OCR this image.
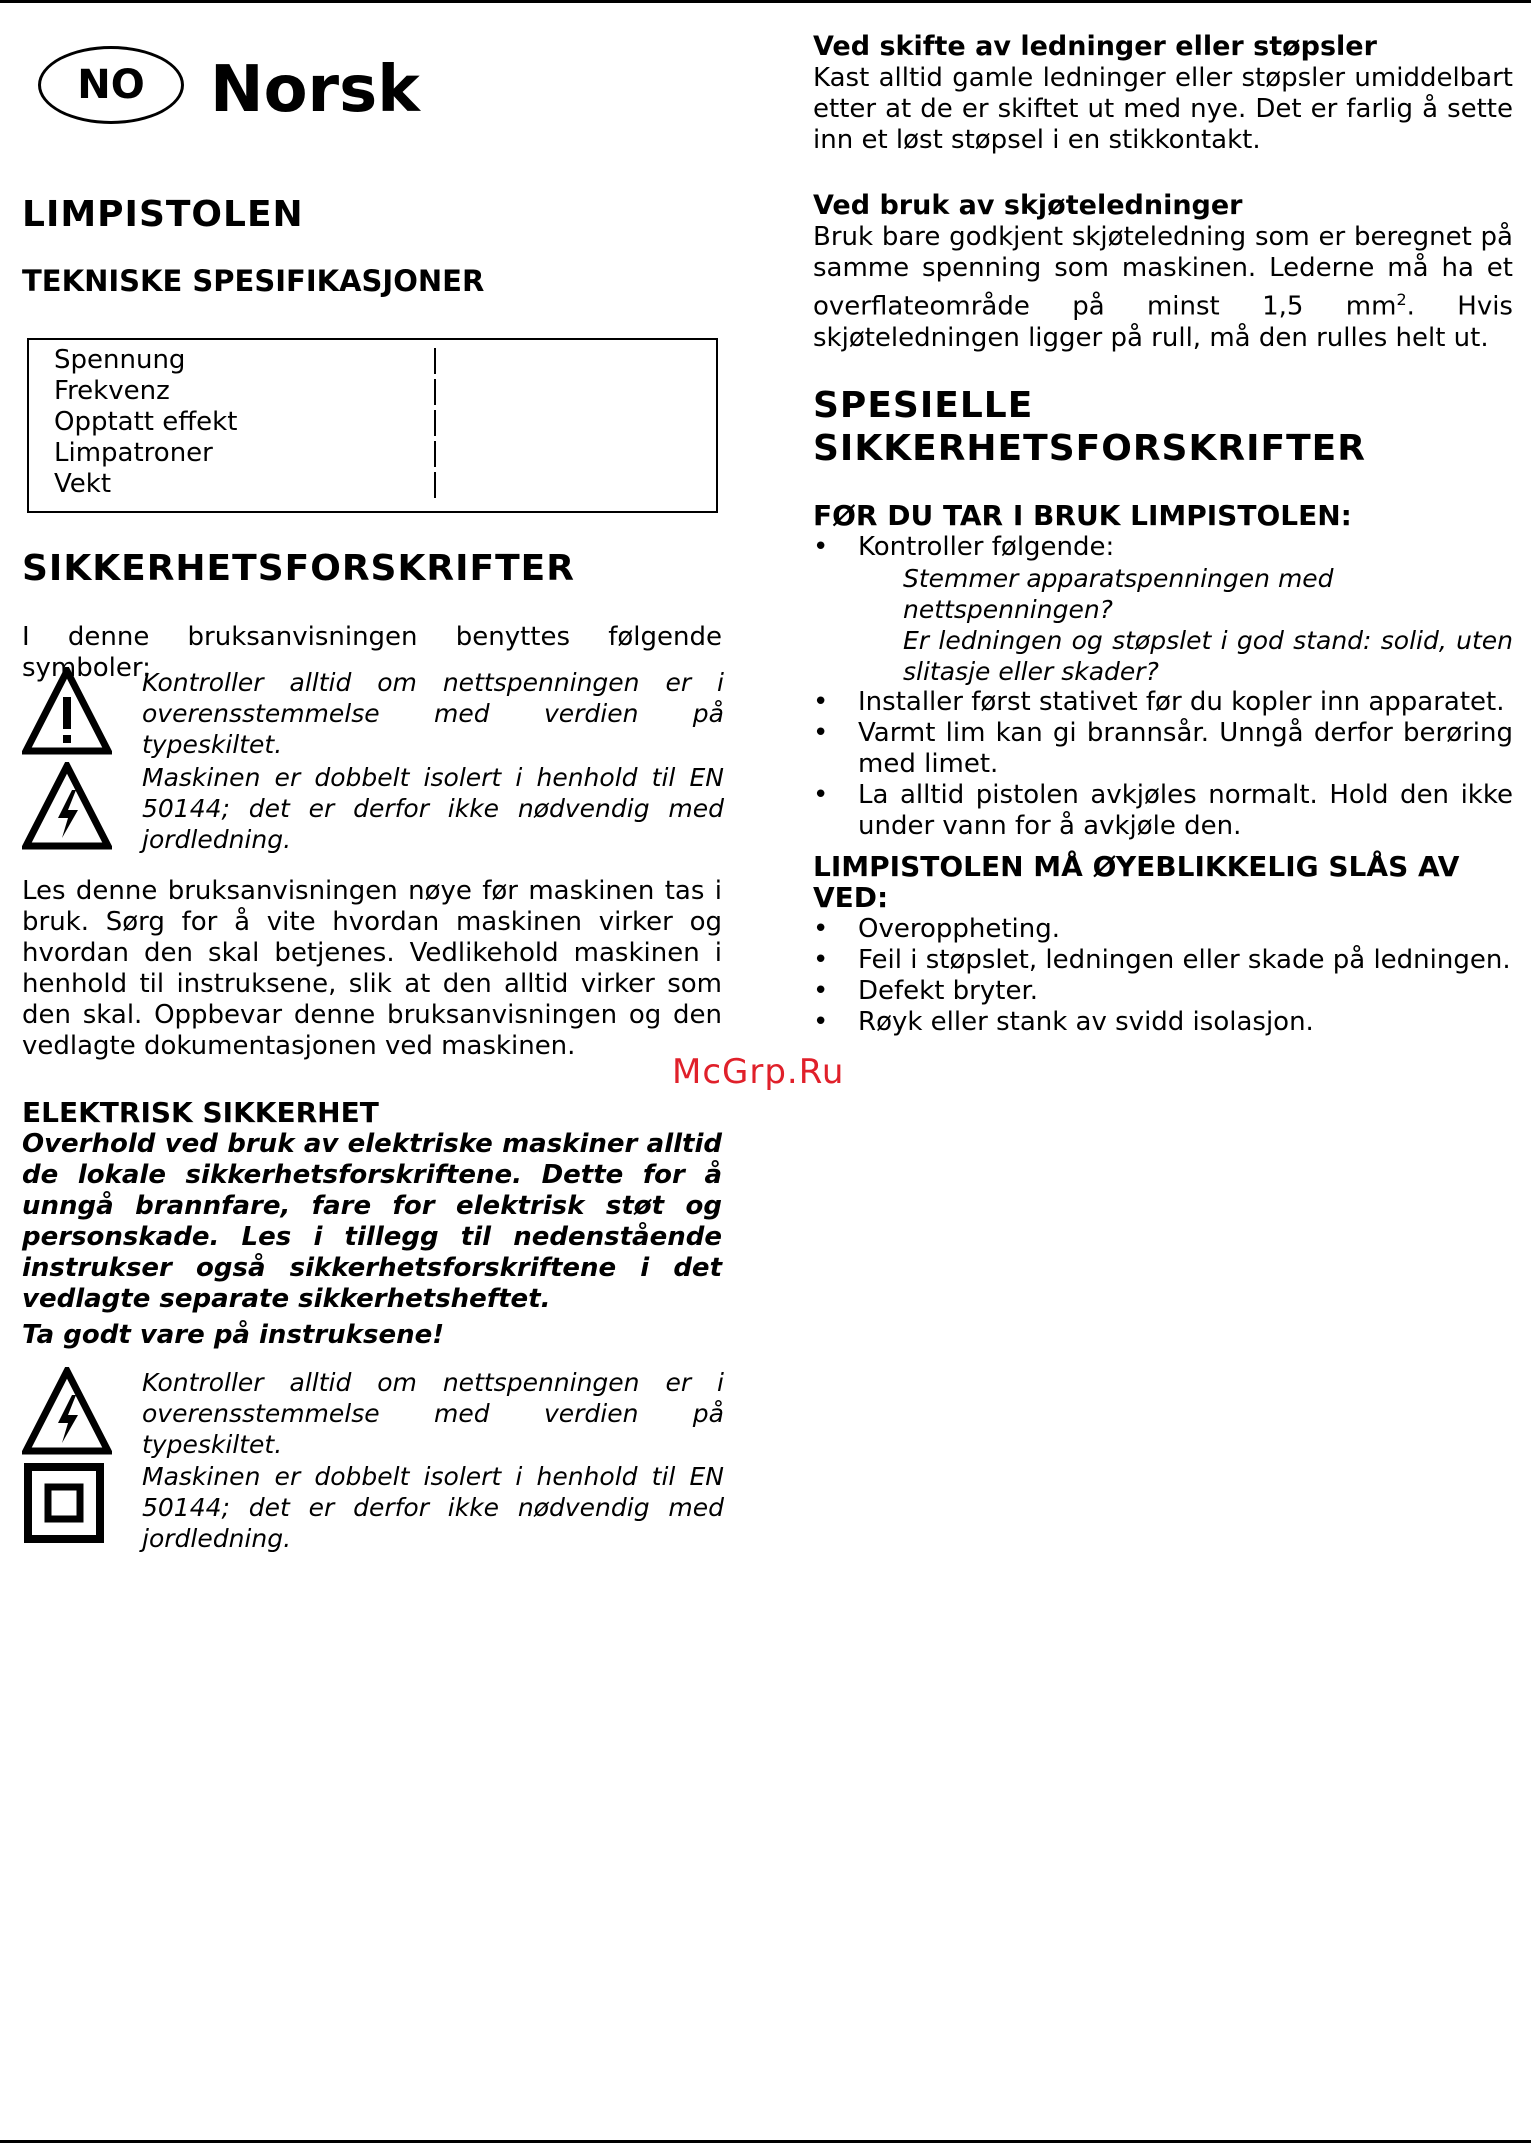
NO Norsk
LIMPISTOLEN
TEKNISKE SPESIFIKASJONER
Spennung
Frekvenz
Opptatt effekt
Limpatroner
Vekt
SIKKERHETSFORSKRIFTER

I denne bruksanvisningen benyttes følgende symboler:

Kontroller alltid om nettspenningen er i overensstemmelse med verdien på typeskiltet.

Maskinen er dobbelt isolert i henhold til EN 50144; det er derfor ikke nødvendig med jordledning.

Les denne bruksanvisningen nøye før maskinen tas i bruk. Sørg for å vite hvordan maskinen virker og hvordan den skal betjenes. Vedlikehold maskinen i henhold til instruksene, slik at den alltid virker som den skal. Oppbevar denne bruksanvisningen og den vedlagte dokumentasjonen ved maskinen.

ELEKTRISK SIKKERHET

Overhold ved bruk av elektriske maskiner alltid de lokale sikkerhetsforskriftene. Dette for å unngå brannfare, fare for elektrisk støt og personskade. Les i tillegg til nedenstående instrukser også sikkerhetsforskriftene i det vedlagte separate sikkerhetsheftet.

Ta godt vare på instruksene!

Kontroller alltid om nettspenningen er i overensstemmelse med verdien på typeskiltet.

Maskinen er dobbelt isolert i henhold til EN 50144; det er derfor ikke nødvendig med jordledning.

Ved skifte av ledninger eller støpsler

Kast alltid gamle ledninger eller støpsler umiddelbart etter at de er skiftet ut med nye. Det er farlig å sette inn et løst støpsel i en stikkontakt.

Ved bruk av skjøteledninger

Bruk bare godkjent skjøteledning som er beregnet på samme spenning som maskinen. Lederne må ha et overflateområde på minst 1,5 $mm^2$. Hvis skjøteledningen ligger på rull, må den rulles helt ut.

SPESIELLE SIKKERHETSFORSKRIFTER
FØR DU TAR I BRUK LIMPISTOLEN:
• Kontroller følgende:

Stemmer apparatspenningen med nettspenningen?

Er ledningen og støpslet i god stand: solid, uten slitasje eller skader?

• Installer først stativet før du kopler inn apparatet.
• Varmt lim kan gi brannsår. Unngå derfor berøring med limet.
• La alltid pistolen avkjøles normalt. Hold den ikke under vann for å avkjøle den.
LIMPISTOLEN MÅ ØYEBLIKKELIG SLÅS AV VED:
• Overoppheting.
• Feil i støpslet, ledningen eller skade på ledningen.
• Defekt bryter.
• Røyk eller stank av svidd isolasjon.
McGrp.Ru
